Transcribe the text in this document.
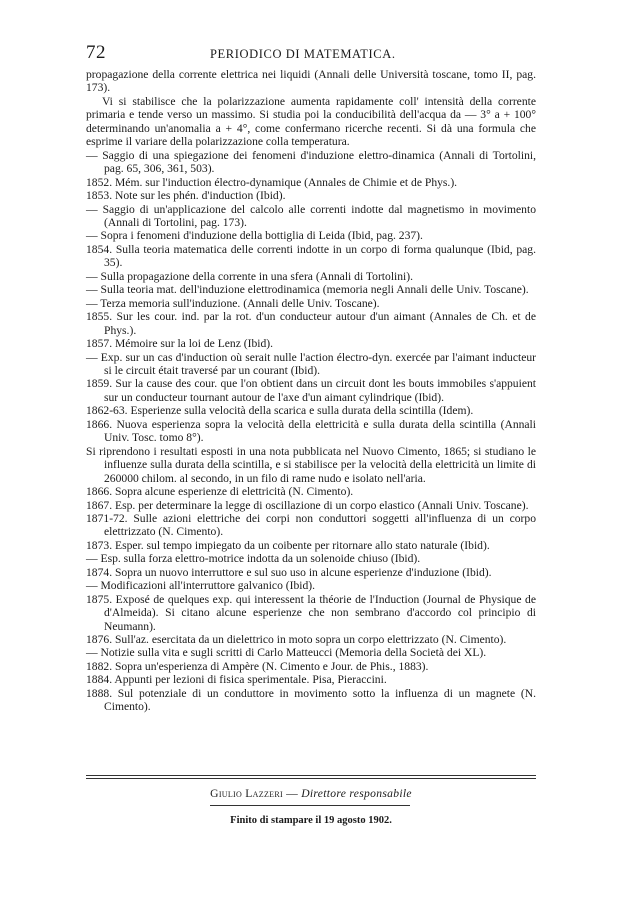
72	PERIODICO DI MATEMATICA.

propagazione della corrente elettrica nei liquidi (Annali delle Università toscane, tomo II, pag. 173).

Vi si stabilisce che la polarizzazione aumenta rapidamente coll' intensità della corrente primaria e tende verso un massimo. Si studia poi la conducibilità dell'acqua da — 3° a + 100° determinando un'anomalia a + 4°, come confermano ricerche recenti. Si dà una formula che esprime il variare della polarizzazione colla temperatura.

— Saggio di una spiegazione dei fenomeni d'induzione elettro-dinamica (Annali di Tortolini, pag. 65, 306, 361, 503).

1852. Mém. sur l'induction électro-dynamique (Annales de Chimie et de Phys.).

1853. Note sur les phén. d'induction (Ibid).

— Saggio di un'applicazione del calcolo alle correnti indotte dal magnetismo in movimento (Annali di Tortolini, pag. 173).

— Sopra i fenomeni d'induzione della bottiglia di Leida (Ibid, pag. 237).

1854. Sulla teoria matematica delle correnti indotte in un corpo di forma qualunque (Ibid, pag. 35).

— Sulla propagazione della corrente in una sfera (Annali di Tortolini).

— Sulla teoria mat. dell'induzione elettrodinamica (memoria negli Annali delle Univ. Toscane).

— Terza memoria sull'induzione. (Annali delle Univ. Toscane).

1855. Sur les cour. ind. par la rot. d'un conducteur autour d'un aimant (Annales de Ch. et de Phys.).

1857. Mémoire sur la loi de Lenz (Ibid).

— Exp. sur un cas d'induction où serait nulle l'action électro-dyn. exercée par l'aimant inducteur si le circuit était traversé par un courant (Ibid).

1859. Sur la cause des cour. que l'on obtient dans un circuit dont les bouts immobiles s'appuient sur un conducteur tournant autour de l'axe d'un aimant cylindrique (Ibid).

1862-63. Esperienze sulla velocità della scarica e sulla durata della scintilla (Idem).

1866. Nuova esperienza sopra la velocità della elettricità e sulla durata della scintilla (Annali Univ. Tosc. tomo 8°).

Si riprendono i resultati esposti in una nota pubblicata nel Nuovo Cimento, 1865; si studiano le influenze sulla durata della scintilla, e si stabilisce per la velocità della elettricità un limite di 260000 chilom. al secondo, in un filo di rame nudo e isolato nell'aria.

1866. Sopra alcune esperienze di elettricità (N. Cimento).

1867. Esp. per determinare la legge di oscillazione di un corpo elastico (Annali Univ. Toscane).

1871-72. Sulle azioni elettriche dei corpi non conduttori soggetti all'influenza di un corpo elettrizzato (N. Cimento).

1873. Esper. sul tempo impiegato da un coibente per ritornare allo stato naturale (Ibid).

— Esp. sulla forza elettro-motrice indotta da un solenoide chiuso (Ibid).

1874. Sopra un nuovo interruttore e sul suo uso in alcune esperienze d'induzione (Ibid).

— Modificazioni all'interruttore galvanico (Ibid).

1875. Exposé de quelques exp. qui interessent la théorie de l'Induction (Journal de Physique de d'Almeida). Si citano alcune esperienze che non sembrano d'accordo col principio di Neumann).

1876. Sull'az. esercitata da un dielettrico in moto sopra un corpo elettrizzato (N. Cimento).

— Notizie sulla vita e sugli scritti di Carlo Matteucci (Memoria della Società dei XL).

1882. Sopra un'esperienza di Ampère (N. Cimento e Jour. de Phis., 1883).

1884. Appunti per lezioni di fisica sperimentale. Pisa, Pieraccini.

1888. Sul potenziale di un conduttore in movimento sotto la influenza di un magnete (N. Cimento).

Giulio Lazzeri — Direttore responsabile
Finito di stampare il 19 agosto 1902.
